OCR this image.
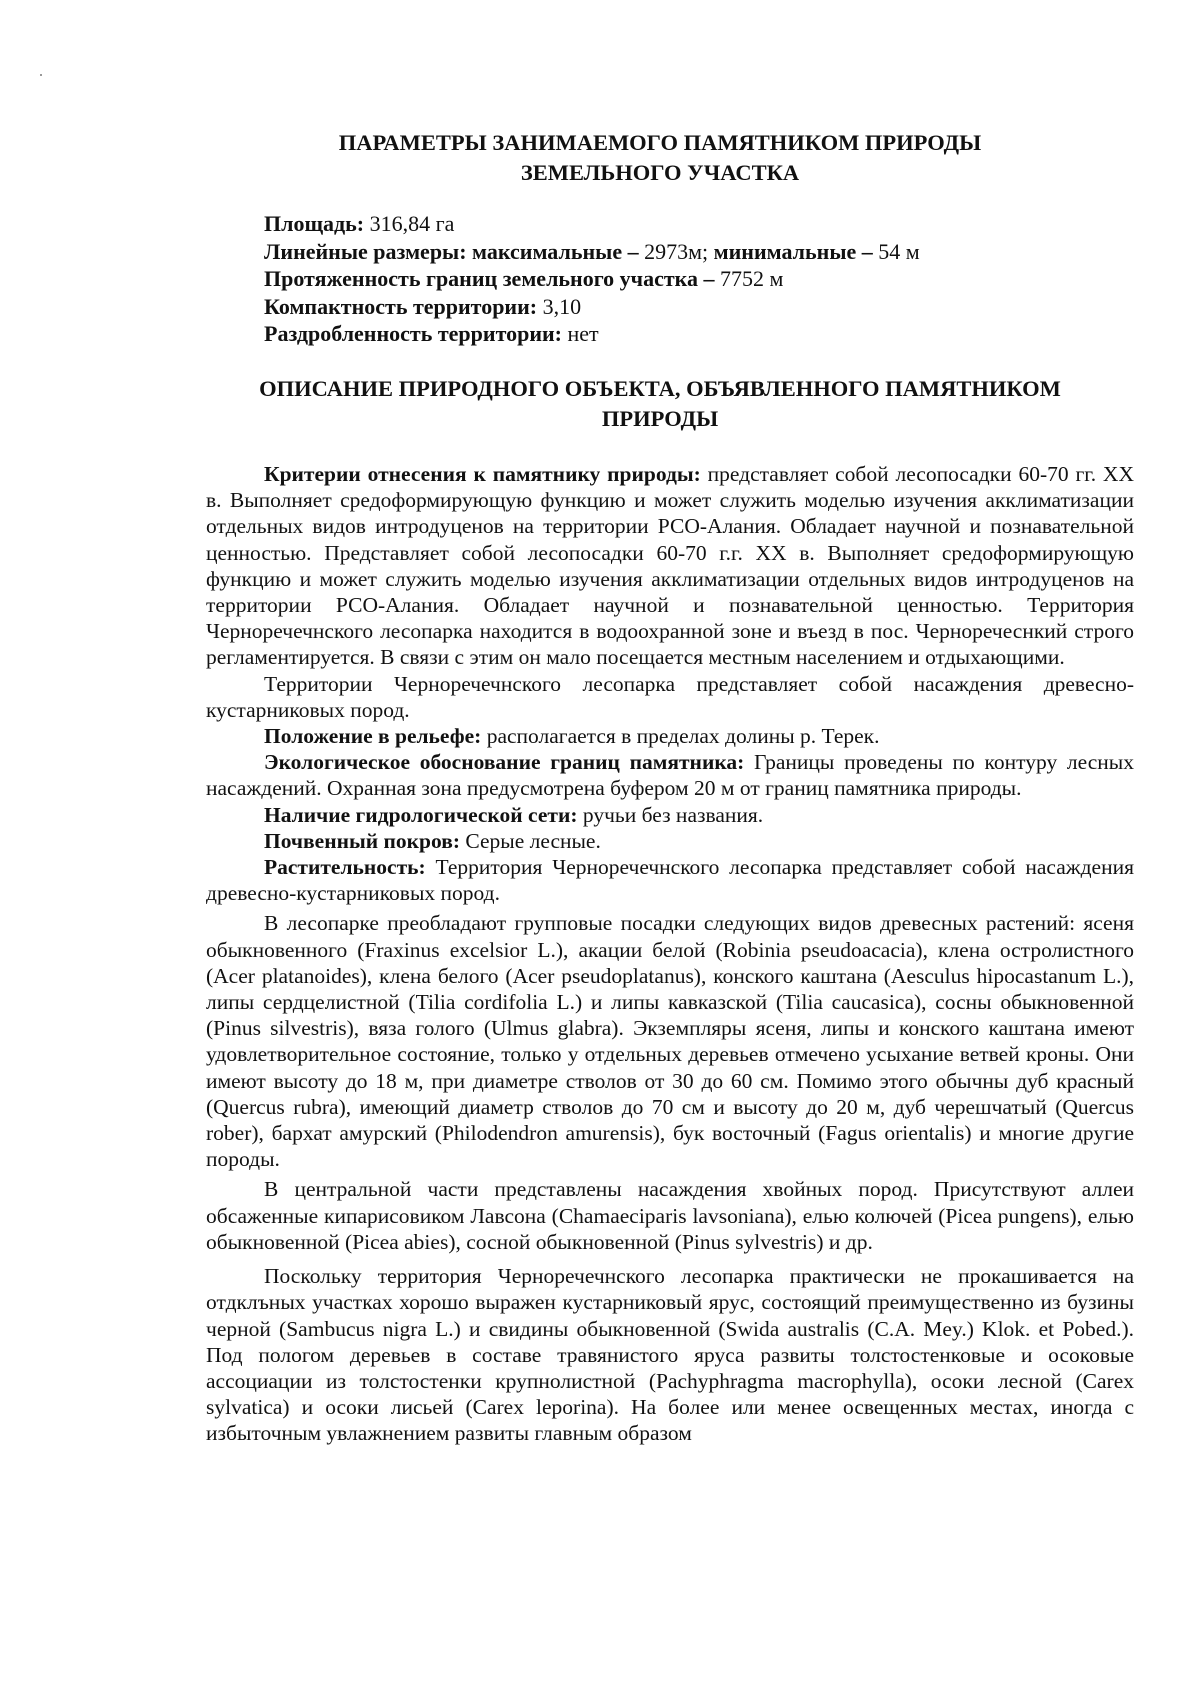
ПАРАМЕТРЫ ЗАНИМАЕМОГО ПАМЯТНИКОМ ПРИРОДЫ
ЗЕМЕЛЬНОГО УЧАСТКА
Площадь: 316,84 га
Линейные размеры: максимальные – 2973м; минимальные – 54 м
Протяженность границ земельного участка – 7752 м
Компактность территории: 3,10
Раздробленность территории: нет
ОПИСАНИЕ ПРИРОДНОГО ОБЪЕКТА, ОБЪЯВЛЕННОГО ПАМЯТНИКОМ
ПРИРОДЫ

Критерии отнесения к памятнику природы: представляет собой лесопосадки 60-70 гг. XX в. Выполняет средоформирующую функцию и может служить моделью изучения акклиматизации отдельных видов интродуценов на территории РСО-Алания. Обладает научной и познавательной ценностью. Представляет собой лесопосадки 60-70 г.г. XX в. Выполняет средоформирующую функцию и может служить моделью изучения акклиматизации отдельных видов интродуценов на территории РСО-Алания. Обладает научной и познавательной ценностью. Территория Черноречечнского лесопарка находится в водоохранной зоне и въезд в пос. Черноречеснкий строго регламентируется. В связи с этим он мало посещается местным населением и отдыхающими.

Территории Черноречечнского лесопарка представляет собой насаждения древесно-кустарниковых пород.

Положение в рельефе: располагается в пределах долины р. Терек.

Экологическое обоснование границ памятника: Границы проведены по контуру лесных насаждений. Охранная зона предусмотрена буфером 20 м от границ памятника природы.

Наличие гидрологической сети: ручьи без названия.

Почвенный покров: Серые лесные.

Растительность: Территория Черноречечнского лесопарка представляет собой насаждения древесно-кустарниковых пород.

В лесопарке преобладают групповые посадки следующих видов древесных растений: ясеня обыкновенного (Fraxinus excelsior L.), акации белой (Robinia pseudoacacia), клена остролистного (Acer platanoides), клена белого (Acer pseudoplatanus), конского каштана (Aesculus hipocastanum L.), липы сердцелистной (Tilia cordifolia L.) и липы кавказской (Tilia caucasica), сосны обыкновенной (Pinus silvestris), вяза голого (Ulmus glabra). Экземпляры ясеня, липы и конского каштана имеют удовлетворительное состояние, только у отдельных деревьев отмечено усыхание ветвей кроны. Они имеют высоту до 18 м, при диаметре стволов от 30 до 60 см. Помимо этого обычны дуб красный (Quercus rubra), имеющий диаметр стволов до 70 см и высоту до 20 м, дуб черешчатый (Quercus rober), бархат амурский (Philodendron amurensis), бук восточный (Fagus orientalis) и многие другие породы.

В центральной части представлены насаждения хвойных пород. Присутствуют аллеи обсаженные кипарисовиком Лавсона (Chamaeciparis lavsoniana), елью колючей (Picea pungens), елью обыкновенной (Picea abies), сосной обыкновенной (Pinus sylvestris) и др.

Поскольку территория Черноречечнского лесопарка практически не прокашивается на отдклъных участках хорошо выражен кустарниковый ярус, состоящий преимущественно из бузины черной (Sambucus nigra L.) и свидины обыкновенной (Swida australis (C.A. Mey.) Klok. et Pobed.). Под пологом деревьев в составе травянистого яруса развиты толстостенковые и осоковые ассоциации из толстостенки крупнолистной (Pachyphragma macrophylla), осоки лесной (Carex sylvatica) и осоки лисьей (Carex leporina). На более или менее освещенных местах, иногда с избыточным увлажнением развиты главным образом
